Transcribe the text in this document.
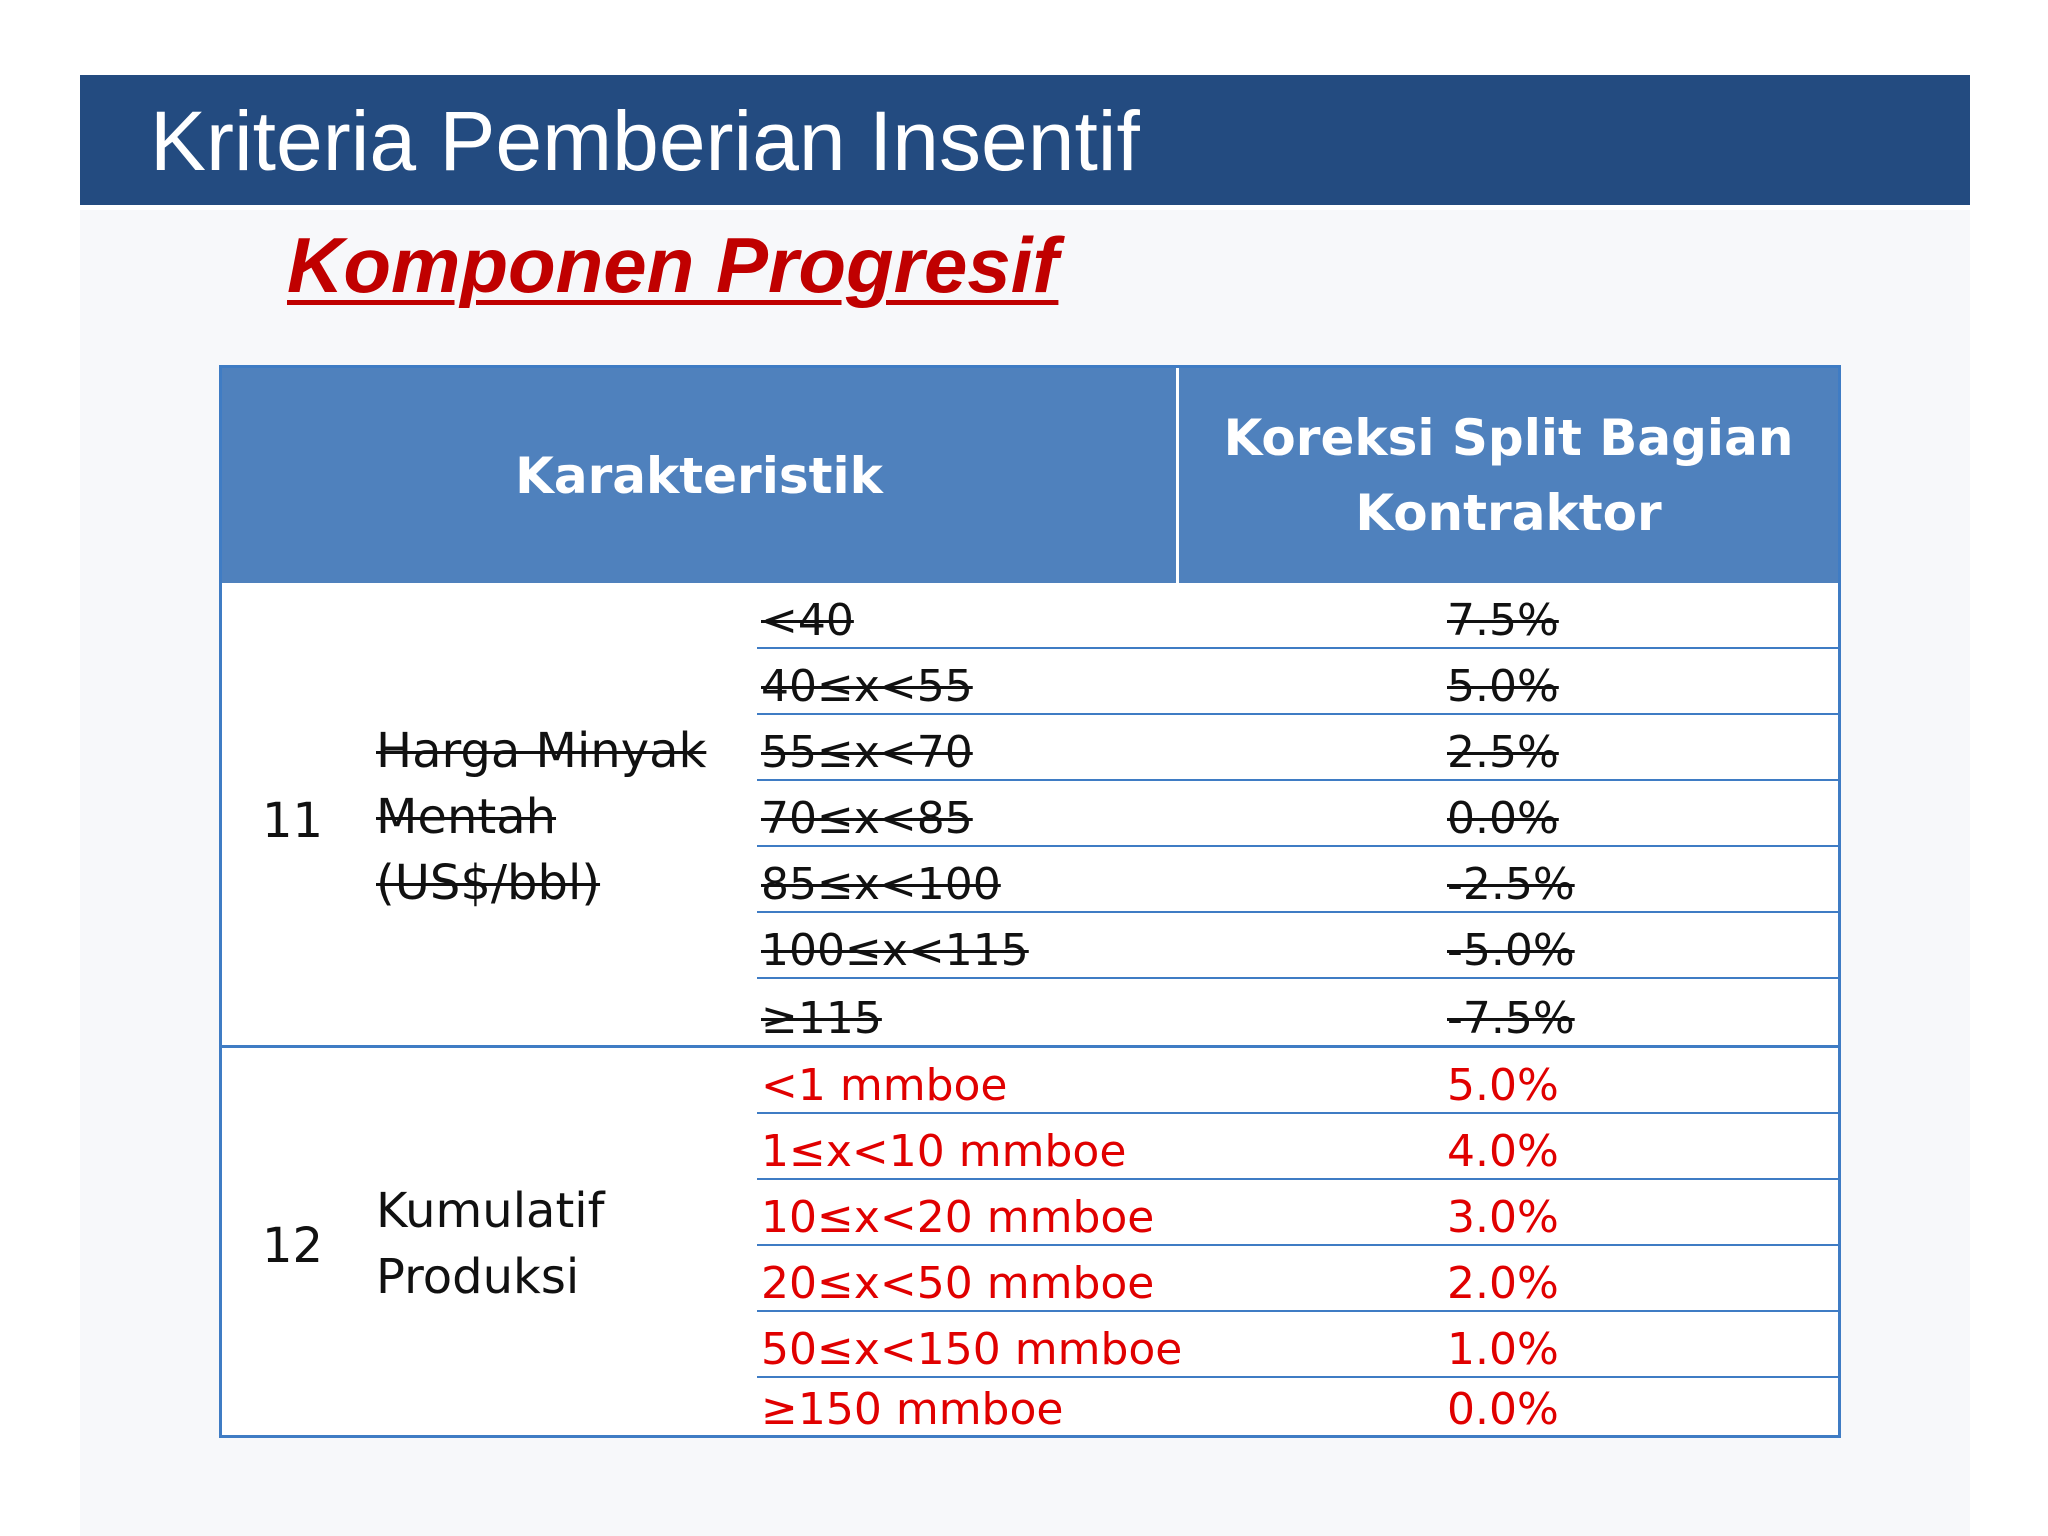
Kriteria Pemberian Insentif
Komponen Progresif
Karakteristik
Koreksi Split Bagian
Kontraktor
11
Harga Minyak
Mentah
(US$/bbl)
<40	7.5%
40≤x<55	5.0%
55≤x<70	2.5%
70≤x<85	0.0%
85≤x<100	-2.5%
100≤x<115	-5.0%
≥115	-7.5%
12
Kumulatif
Produksi
<1 mmboe	5.0%
1≤x<10 mmboe	4.0%
10≤x<20 mmboe	3.0%
20≤x<50 mmboe	2.0%
50≤x<150 mmboe	1.0%
≥150 mmboe	0.0%
